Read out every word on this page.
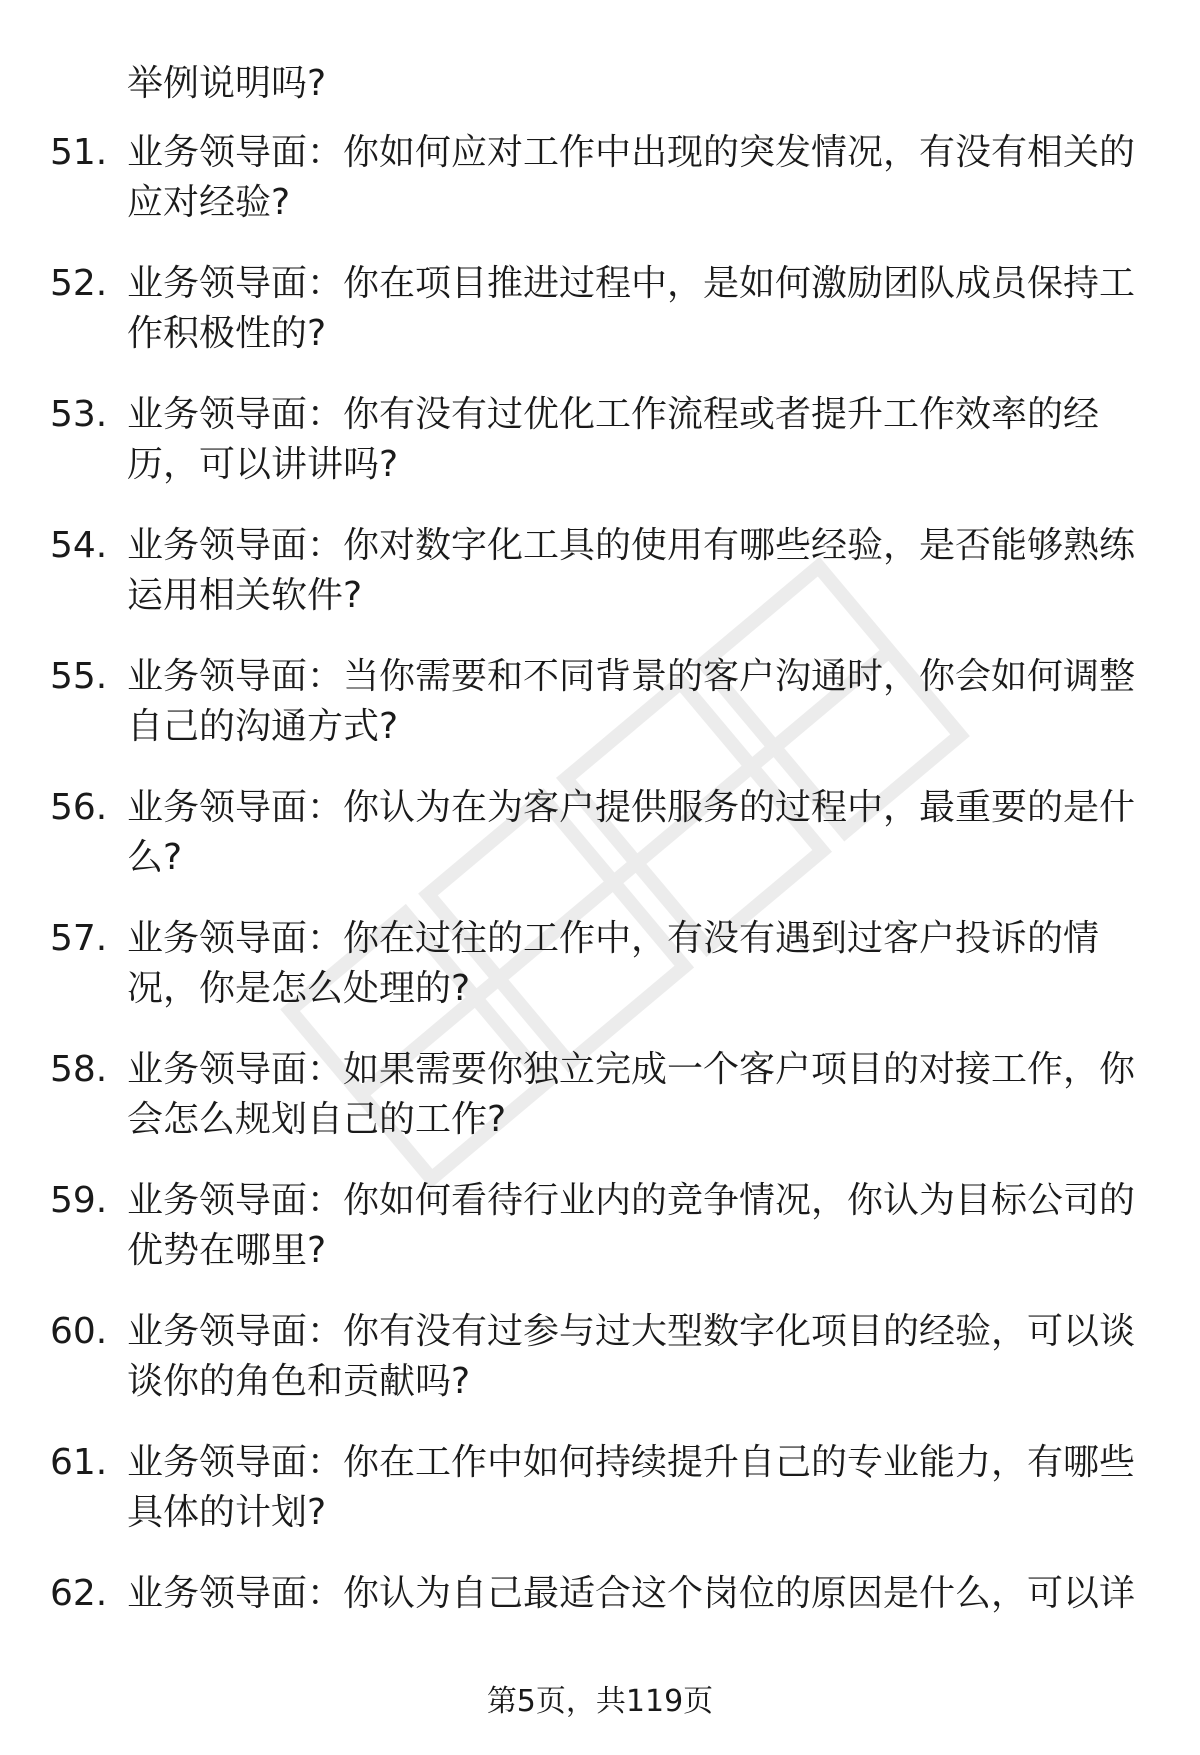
举例说明吗?
51. 业务领导面：你如何应对工作中出现的突发情况，有没有相关的应对经验?
52. 业务领导面：你在项目推进过程中，是如何激励团队成员保持工作积极性的?
53. 业务领导面：你有没有过优化工作流程或者提升工作效率的经历，可以讲讲吗?
54. 业务领导面：你对数字化工具的使用有哪些经验，是否能够熟练运用相关软件?
55. 业务领导面：当你需要和不同背景的客户沟通时，你会如何调整自己的沟通方式?
56. 业务领导面：你认为在为客户提供服务的过程中，最重要的是什么?
57. 业务领导面：你在过往的工作中，有没有遇到过客户投诉的情况，你是怎么处理的?
58. 业务领导面：如果需要你独立完成一个客户项目的对接工作，你会怎么规划自己的工作?
59. 业务领导面：你如何看待行业内的竞争情况，你认为目标公司的优势在哪里?
60. 业务领导面：你有没有过参与过大型数字化项目的经验，可以谈谈你的角色和贡献吗?
61. 业务领导面：你在工作中如何持续提升自己的专业能力，有哪些具体的计划?
62. 业务领导面：你认为自己最适合这个岗位的原因是什么，可以详
第5页，共119页
